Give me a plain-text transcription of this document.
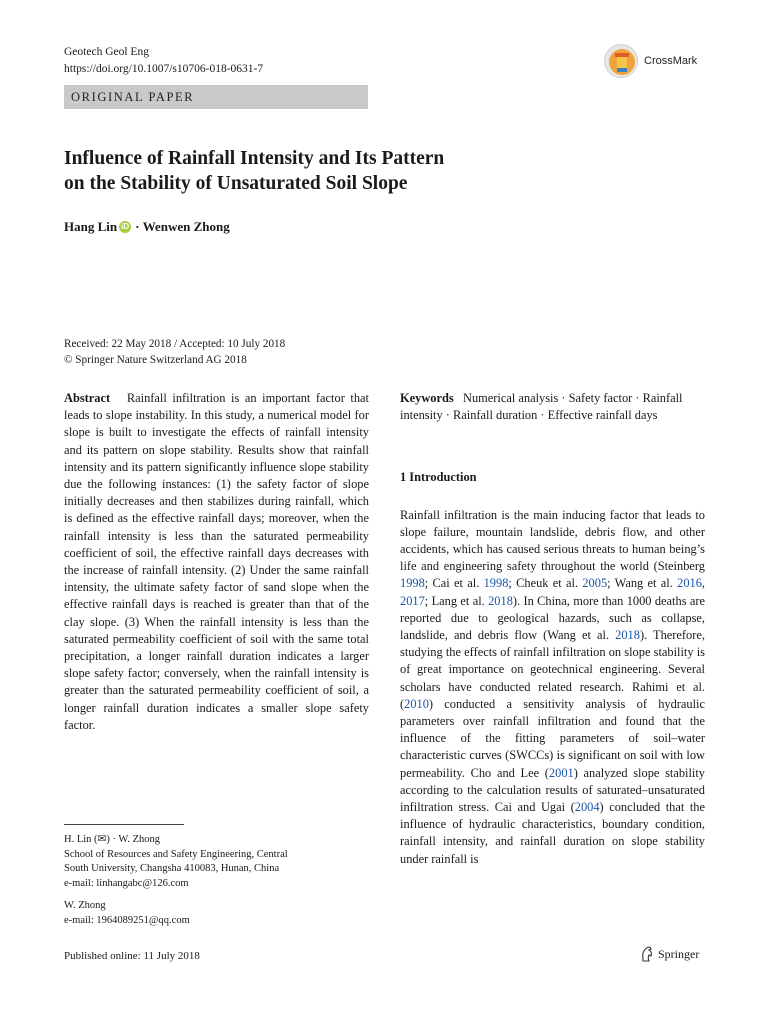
Geotech Geol Eng
https://doi.org/10.1007/s10706-018-0631-7
CrossMark
ORIGINAL PAPER
Influence of Rainfall Intensity and Its Pattern
on the Stability of Unsaturated Soil Slope
Hang Lin iD ·
Wenwen Zhong
Received: 22 May 2018 / Accepted: 10 July 2018
© Springer Nature Switzerland AG 2018

Abstract Rainfall infiltration is an important factor that leads to slope instability. In this study, a numerical model for slope is built to investigate the effects of rainfall intensity and its pattern on slope stability. Results show that rainfall intensity and its pattern significantly influence slope stability due the following instances: (1) the safety factor of slope initially decreases and then stabilizes during rainfall, which is defined as the effective rainfall days; moreover, when the rainfall intensity is less than the saturated permeability coefficient of soil, the effective rainfall days decreases with the increase of rainfall intensity. (2) Under the same rainfall intensity, the ultimate safety factor of sand slope when the effective rainfall days is reached is greater than that of the clay slope. (3) When the rainfall intensity is less than the saturated permeability coefficient of soil with the same total precipitation, a longer rainfall duration indicates a larger slope safety factor; conversely, when the rainfall intensity is greater than the saturated permeability coefficient of soil, a longer rainfall duration indicates a smaller slope safety factor.

Keywords Numerical analysis · Safety factor · Rainfall intensity · Rainfall duration · Effective rainfall days

1 Introduction

Rainfall infiltration is the main inducing factor that leads to slope failure, mountain landslide, debris flow, and other accidents, which has caused serious threats to human being’s life and engineering safety throughout the world (Steinberg 1998; Cai et al. 1998; Cheuk et al. 2005; Wang et al. 2016, 2017; Lang et al. 2018). In China, more than 1000 deaths are reported due to geological hazards, such as collapse, landslide, and debris flow (Wang et al. 2018). Therefore, studying the effects of rainfall infiltration on slope stability is of great importance on geotechnical engineering. Several scholars have conducted related research. Rahimi et al. (2010) conducted a sensitivity analysis of hydraulic parameters over rainfall infiltration and found that the influence of the fitting parameters of soil–water characteristic curves (SWCCs) is significant on soil with low permeability. Cho and Lee (2001) analyzed slope stability according to the calculation results of saturated–unsaturated infiltration stress. Cai and Ugai (2004) concluded that the influence of hydraulic characteristics, boundary condition, rainfall intensity, and rainfall duration on slope stability under rainfall is

H. Lin (✉) · W. Zhong
School of Resources and Safety Engineering, Central
South University, Changsha 410083, Hunan, China
e-mail: linhangabc@126.com
W. Zhong
e-mail: 1964089251@qq.com
Published online: 11 July 2018	Springer
